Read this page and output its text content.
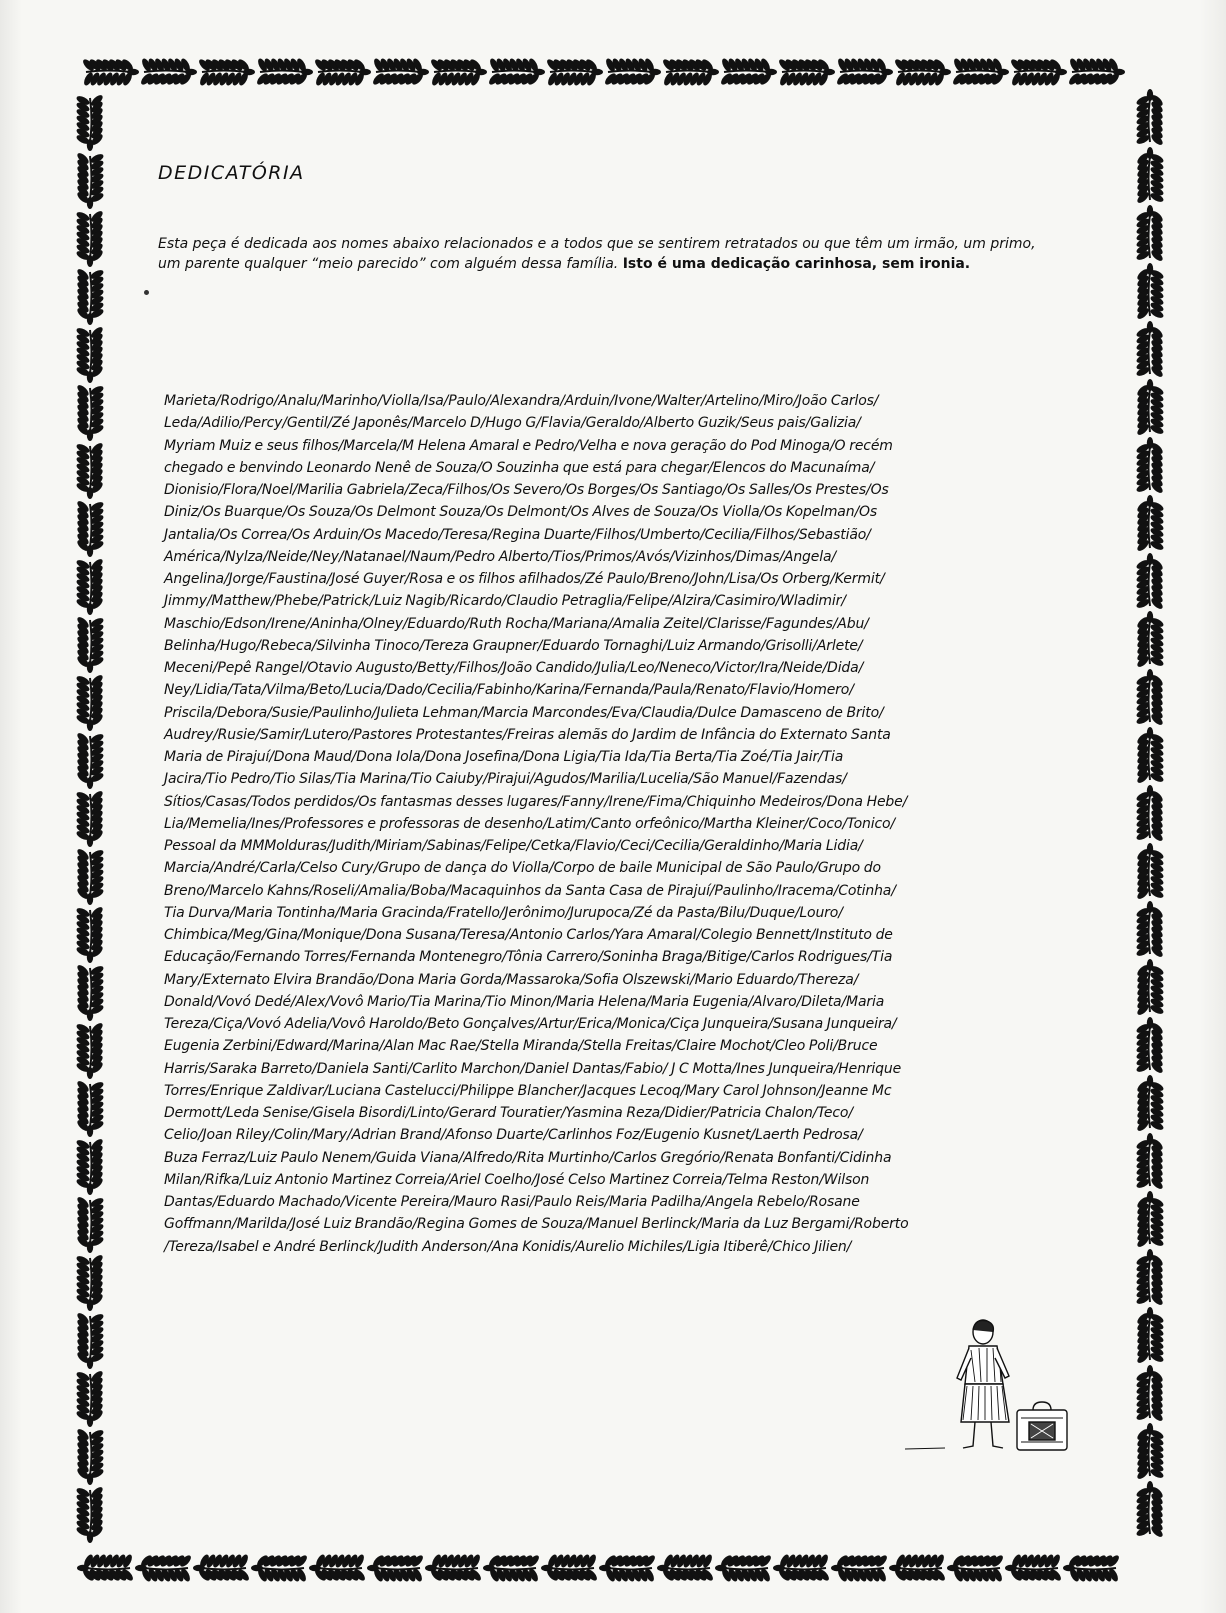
DEDICATÓRIA

Esta peça é dedicada aos nomes abaixo relacionados e a todos que se sentirem retratados ou que têm um irmão, um primo, um parente qualquer “meio parecido” com alguém dessa família. Isto é uma dedicação carinhosa, sem ironia.

Marieta/Rodrigo/Analu/Marinho/Violla/Isa/Paulo/Alexandra/Arduin/Ivone/Walter/Artelino/Miro/João Carlos/
Leda/Adilio/Percy/Gentil/Zé Japonês/Marcelo D/Hugo G/Flavia/Geraldo/Alberto Guzik/Seus pais/Galizia/
Myriam Muiz e seus filhos/Marcela/M Helena Amaral e Pedro/Velha e nova geração do Pod Minoga/O recém
chegado e benvindo Leonardo Nenê de Souza/O Souzinha que está para chegar/Elencos do Macunaíma/
Dionisio/Flora/Noel/Marilia Gabriela/Zeca/Filhos/Os Severo/Os Borges/Os Santiago/Os Salles/Os Prestes/Os
Diniz/Os Buarque/Os Souza/Os Delmont Souza/Os Delmont/Os Alves de Souza/Os Violla/Os Kopelman/Os
Jantalia/Os Correa/Os Arduin/Os Macedo/Teresa/Regina Duarte/Filhos/Umberto/Cecilia/Filhos/Sebastião/
América/Nylza/Neide/Ney/Natanael/Naum/Pedro Alberto/Tios/Primos/Avós/Vizinhos/Dimas/Angela/
Angelina/Jorge/Faustina/José Guyer/Rosa e os filhos afilhados/Zé Paulo/Breno/John/Lisa/Os Orberg/Kermit/
Jimmy/Matthew/Phebe/Patrick/Luiz Nagib/Ricardo/Claudio Petraglia/Felipe/Alzira/Casimiro/Wladimir/
Maschio/Edson/Irene/Aninha/Olney/Eduardo/Ruth Rocha/Mariana/Amalia Zeitel/Clarisse/Fagundes/Abu/
Belinha/Hugo/Rebeca/Silvinha Tinoco/Tereza Graupner/Eduardo Tornaghi/Luiz Armando/Grisolli/Arlete/
Meceni/Pepê Rangel/Otavio Augusto/Betty/Filhos/João Candido/Julia/Leo/Neneco/Victor/Ira/Neide/Dida/
Ney/Lidia/Tata/Vilma/Beto/Lucia/Dado/Cecilia/Fabinho/Karina/Fernanda/Paula/Renato/Flavio/Homero/
Priscila/Debora/Susie/Paulinho/Julieta Lehman/Marcia Marcondes/Eva/Claudia/Dulce Damasceno de Brito/
Audrey/Rusie/Samir/Lutero/Pastores Protestantes/Freiras alemãs do Jardim de Infância do Externato Santa
Maria de Pirajuí/Dona Maud/Dona Iola/Dona Josefina/Dona Ligia/Tia Ida/Tia Berta/Tia Zoé/Tia Jair/Tia
Jacira/Tio Pedro/Tio Silas/Tia Marina/Tio Caiuby/Pirajui/Agudos/Marilia/Lucelia/São Manuel/Fazendas/
Sítios/Casas/Todos perdidos/Os fantasmas desses lugares/Fanny/Irene/Fima/Chiquinho Medeiros/Dona Hebe/
Lia/Memelia/Ines/Professores e professoras de desenho/Latim/Canto orfeônico/Martha Kleiner/Coco/Tonico/
Pessoal da MMMolduras/Judith/Miriam/Sabinas/Felipe/Cetka/Flavio/Ceci/Cecilia/Geraldinho/Maria Lidia/
Marcia/André/Carla/Celso Cury/Grupo de dança do Violla/Corpo de baile Municipal de São Paulo/Grupo do
Breno/Marcelo Kahns/Roseli/Amalia/Boba/Macaquinhos da Santa Casa de Pirajuí/Paulinho/Iracema/Cotinha/
Tia Durva/Maria Tontinha/Maria Gracinda/Fratello/Jerônimo/Jurupoca/Zé da Pasta/Bilu/Duque/Louro/
Chimbica/Meg/Gina/Monique/Dona Susana/Teresa/Antonio Carlos/Yara Amaral/Colegio Bennett/Instituto de
Educação/Fernando Torres/Fernanda Montenegro/Tônia Carrero/Soninha Braga/Bitige/Carlos Rodrigues/Tia
Mary/Externato Elvira Brandão/Dona Maria Gorda/Massaroka/Sofia Olszewski/Mario Eduardo/Thereza/
Donald/Vovó Dedé/Alex/Vovô Mario/Tia Marina/Tio Minon/Maria Helena/Maria Eugenia/Alvaro/Dileta/Maria
Tereza/Ciça/Vovó Adelia/Vovô Haroldo/Beto Gonçalves/Artur/Erica/Monica/Ciça Junqueira/Susana Junqueira/
Eugenia Zerbini/Edward/Marina/Alan Mac Rae/Stella Miranda/Stella Freitas/Claire Mochot/Cleo Poli/Bruce
Harris/Saraka Barreto/Daniela Santi/Carlito Marchon/Daniel Dantas/Fabio/ J C Motta/Ines Junqueira/Henrique
Torres/Enrique Zaldivar/Luciana Castelucci/Philippe Blancher/Jacques Lecoq/Mary Carol Johnson/Jeanne Mc
Dermott/Leda Senise/Gisela Bisordi/Linto/Gerard Touratier/Yasmina Reza/Didier/Patricia Chalon/Teco/
Celio/Joan Riley/Colin/Mary/Adrian Brand/Afonso Duarte/Carlinhos Foz/Eugenio Kusnet/Laerth Pedrosa/
Buza Ferraz/Luiz Paulo Nenem/Guida Viana/Alfredo/Rita Murtinho/Carlos Gregório/Renata Bonfanti/Cidinha
Milan/Rifka/Luiz Antonio Martinez Correia/Ariel Coelho/José Celso Martinez Correia/Telma Reston/Wilson
Dantas/Eduardo Machado/Vicente Pereira/Mauro Rasi/Paulo Reis/Maria Padilha/Angela Rebelo/Rosane
Goffmann/Marilda/José Luiz Brandão/Regina Gomes de Souza/Manuel Berlinck/Maria da Luz Bergami/Roberto
/Tereza/Isabel e André Berlinck/Judith Anderson/Ana Konidis/Aurelio Michiles/Ligia Itiberê/Chico Jilien/
